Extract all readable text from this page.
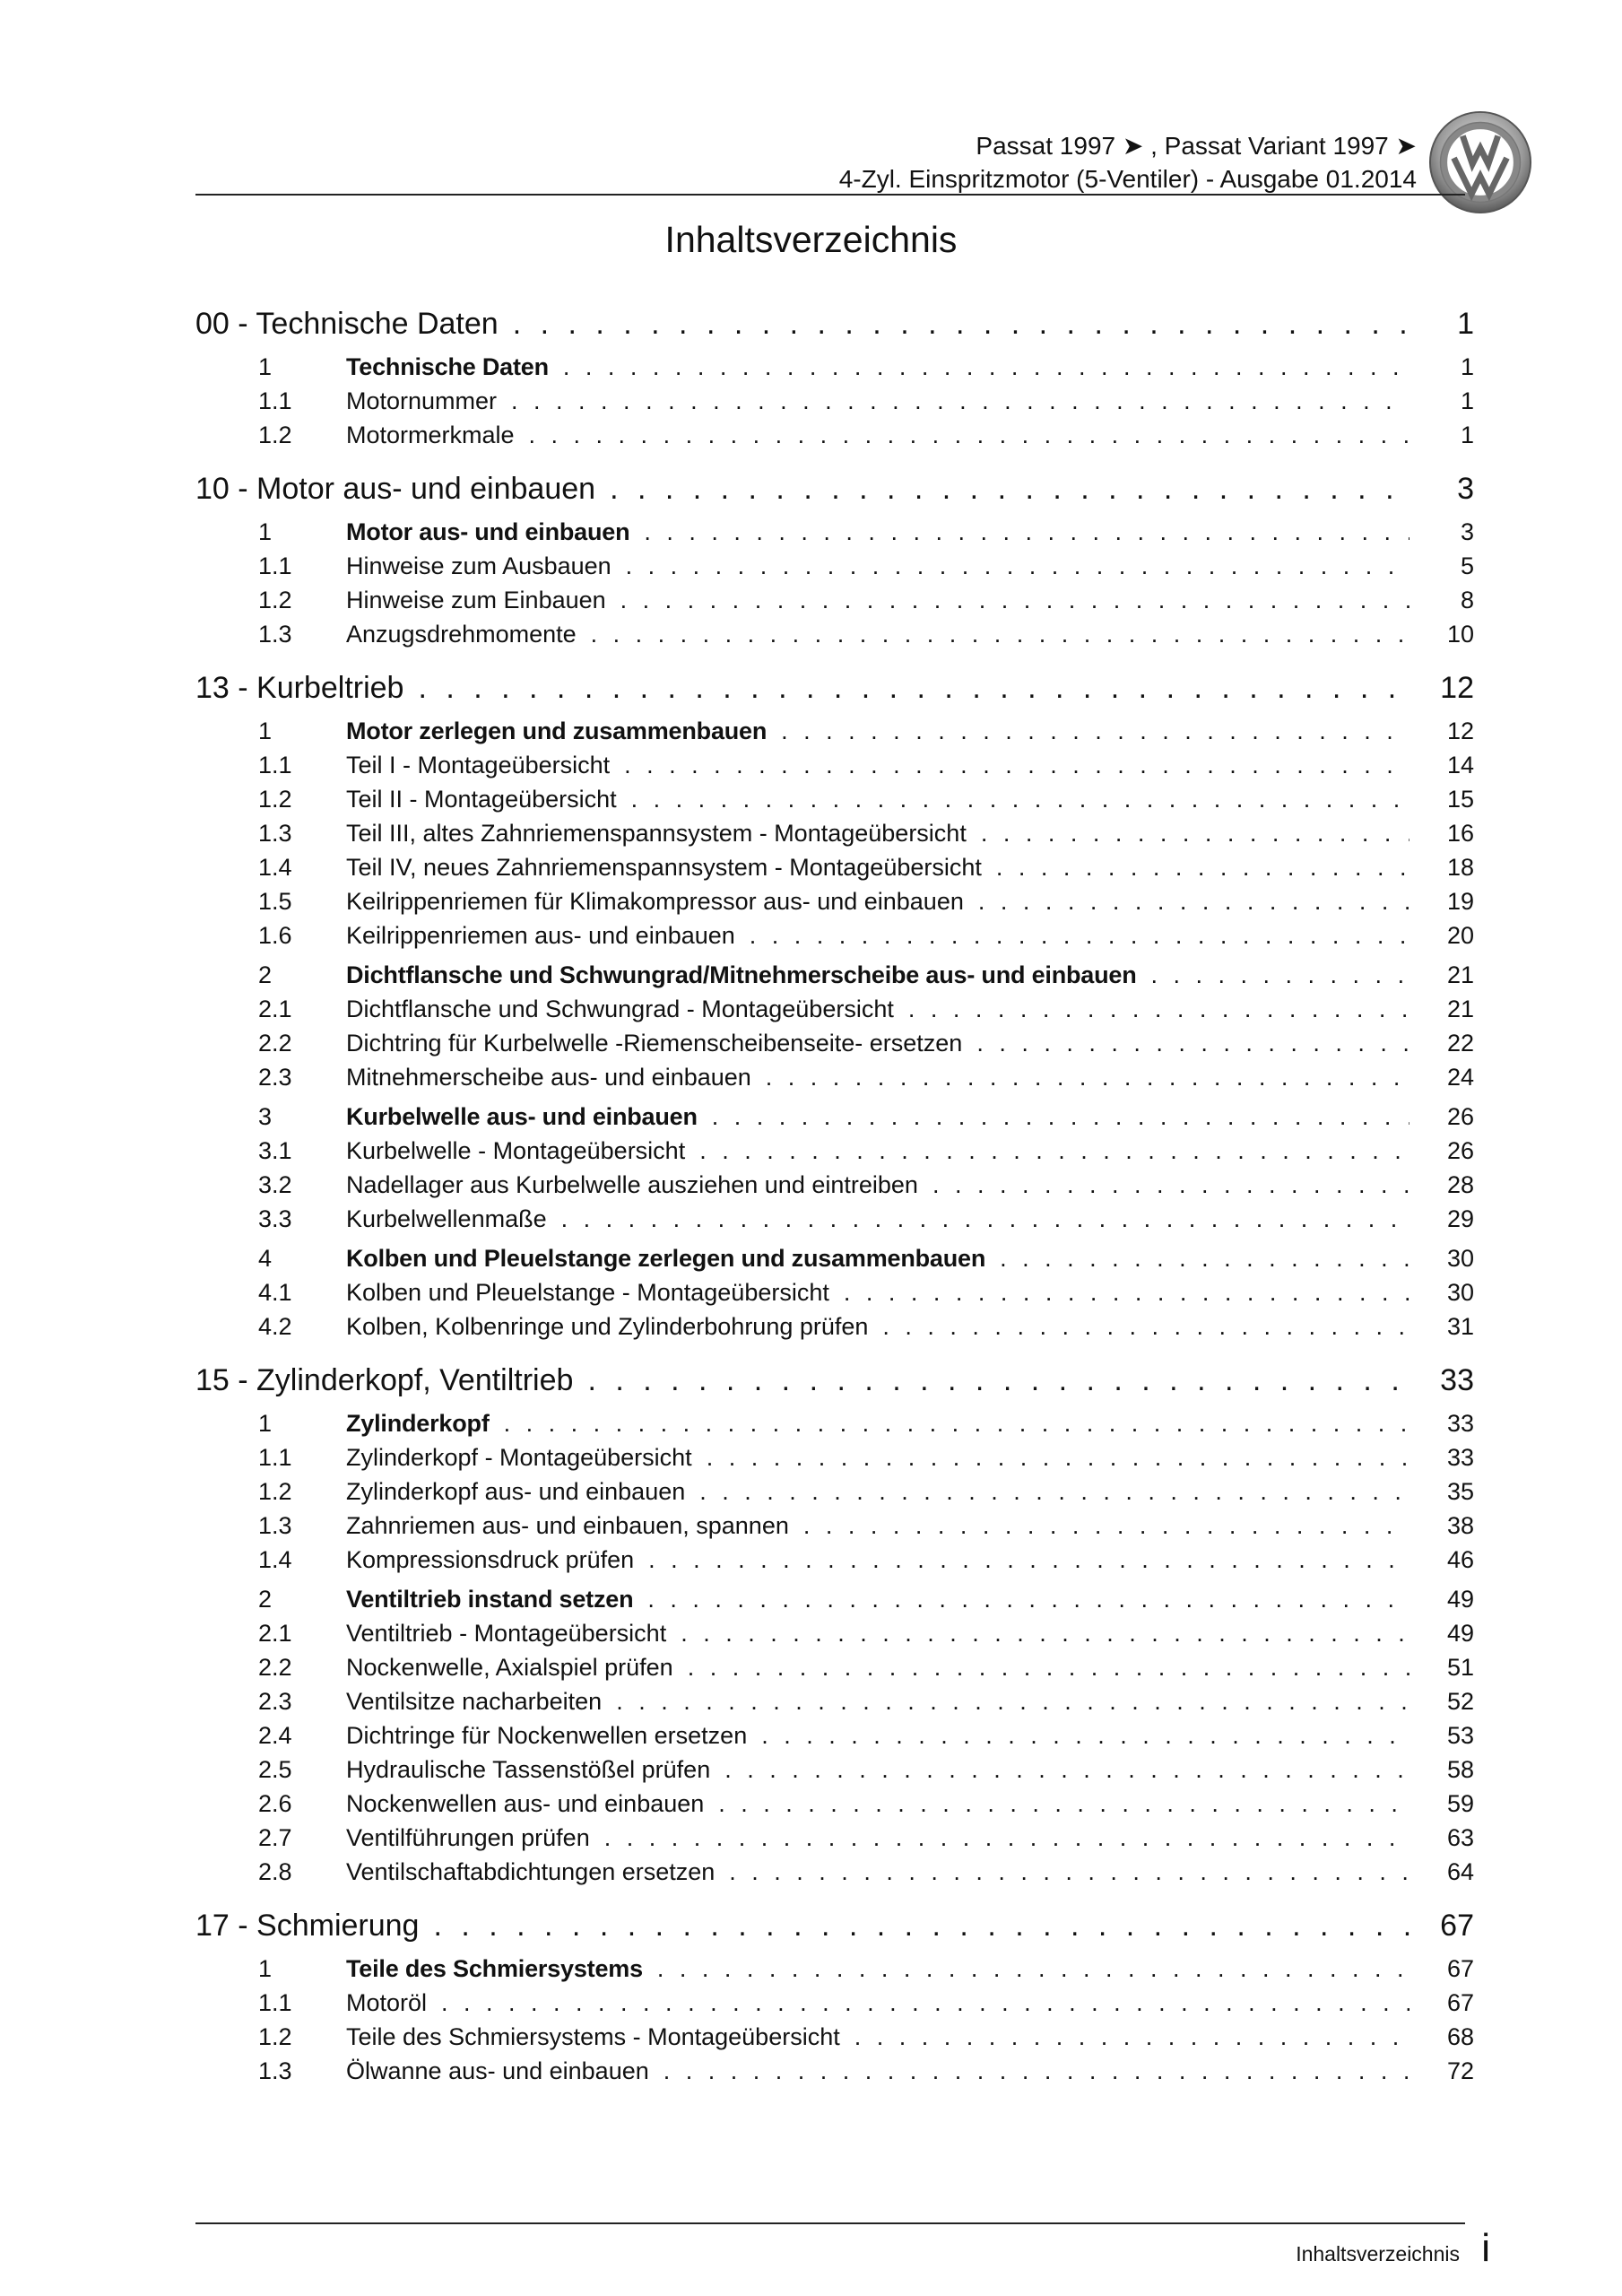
Passat 1997 ➤ , Passat Variant 1997 ➤
4-Zyl. Einspritzmotor (5-Ventiler) - Ausgabe 01.2014
Inhaltsverzeichnis
00 - Technische Daten . . .	1
1	Technische Daten . . .	1
1.1	Motornummer . . .	1
1.2	Motormerkmale . . .	1
10 - Motor aus- und einbauen . . .	3
1	Motor aus- und einbauen . . .	3
1.1	Hinweise zum Ausbauen . . .	5
1.2	Hinweise zum Einbauen . . .	8
1.3	Anzugsdrehmomente . . .	10
13 - Kurbeltrieb . . .	12
1	Motor zerlegen und zusammenbauen . . .	12
1.1	Teil I - Montageübersicht . . .	14
1.2	Teil II - Montageübersicht . . .	15
1.3	Teil III, altes Zahnriemenspannsystem - Montageübersicht . . .	16
1.4	Teil IV, neues Zahnriemenspannsystem - Montageübersicht . . .	18
1.5	Keilrippenriemen für Klimakompressor aus- und einbauen . . .	19
1.6	Keilrippenriemen aus- und einbauen . . .	20
2	Dichtflansche und Schwungrad/Mitnehmerscheibe aus- und einbauen . . .	21
2.1	Dichtflansche und Schwungrad - Montageübersicht . . .	21
2.2	Dichtring für Kurbelwelle -Riemenscheibenseite- ersetzen . . .	22
2.3	Mitnehmerscheibe aus- und einbauen . . .	24
3	Kurbelwelle aus- und einbauen . . .	26
3.1	Kurbelwelle - Montageübersicht . . .	26
3.2	Nadellager aus Kurbelwelle ausziehen und eintreiben . . .	28
3.3	Kurbelwellenmaße . . .	29
4	Kolben und Pleuelstange zerlegen und zusammenbauen . . .	30
4.1	Kolben und Pleuelstange - Montageübersicht . . .	30
4.2	Kolben, Kolbenringe und Zylinderbohrung prüfen . . .	31
15 - Zylinderkopf, Ventiltrieb . . .	33
1	Zylinderkopf . . .	33
1.1	Zylinderkopf - Montageübersicht . . .	33
1.2	Zylinderkopf aus- und einbauen . . .	35
1.3	Zahnriemen aus- und einbauen, spannen . . .	38
1.4	Kompressionsdruck prüfen . . .	46
2	Ventiltrieb instand setzen . . .	49
2.1	Ventiltrieb - Montageübersicht . . .	49
2.2	Nockenwelle, Axialspiel prüfen . . .	51
2.3	Ventilsitze nacharbeiten . . .	52
2.4	Dichtringe für Nockenwellen ersetzen . . .	53
2.5	Hydraulische Tassenstößel prüfen . . .	58
2.6	Nockenwellen aus- und einbauen . . .	59
2.7	Ventilführungen prüfen . . .	63
2.8	Ventilschaftabdichtungen ersetzen . . .	64
17 - Schmierung . . .	67
1	Teile des Schmiersystems . . .	67
1.1	Motoröl . . .	67
1.2	Teile des Schmiersystems - Montageübersicht . . .	68
1.3	Ölwanne aus- und einbauen . . .	72
Inhaltsverzeichnis i
